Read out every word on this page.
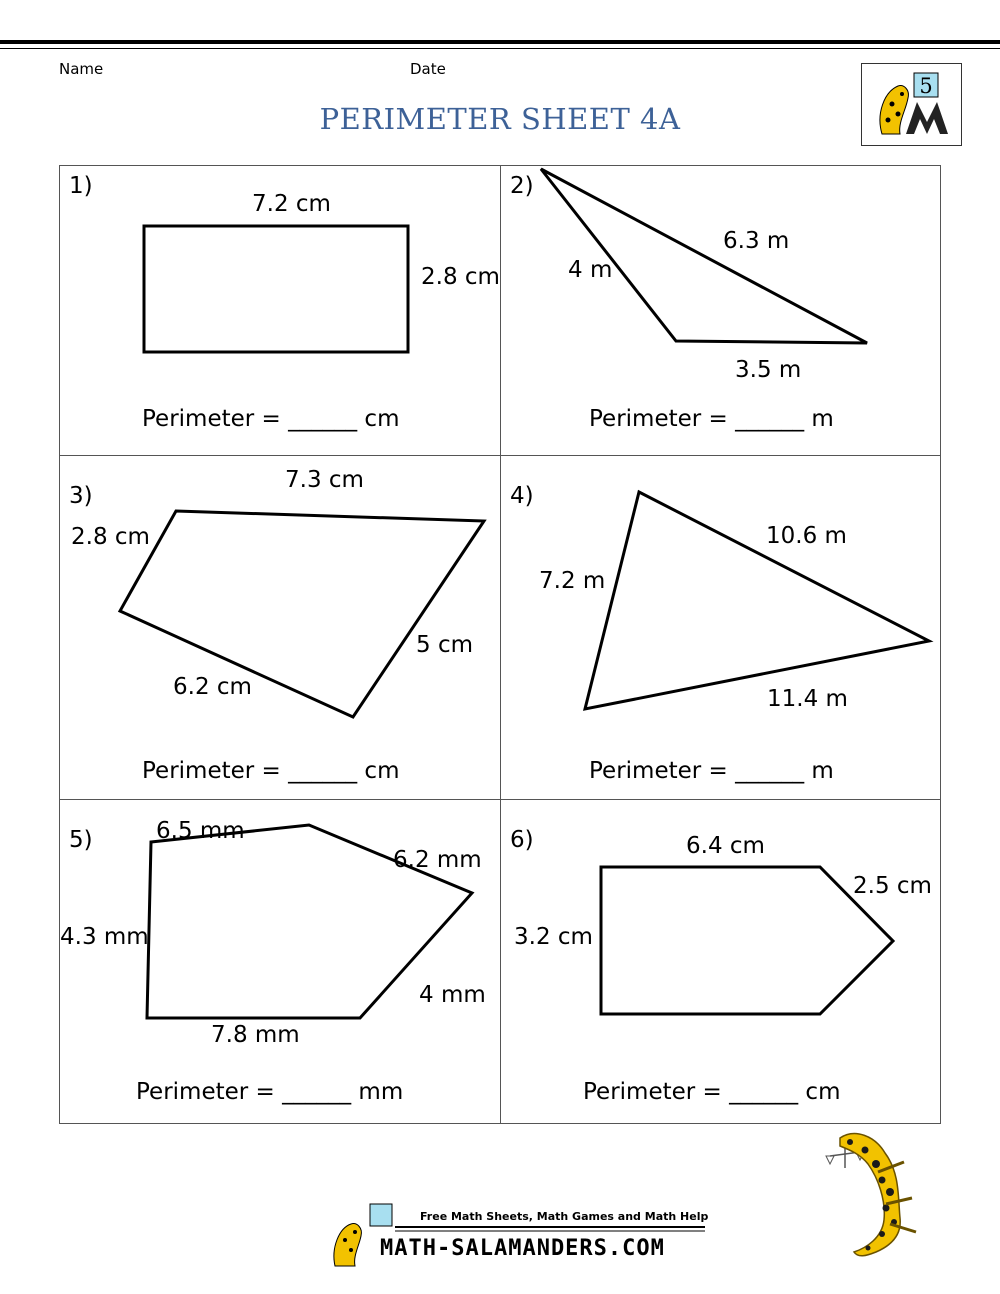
Name	Date
PERIMETER SHEET 4A
5
1)
7.2 cm
2.8 cm
Perimeter = ______ cm
2)
6.3 m
4 m
3.5 m
Perimeter = ______ m
3)
7.3 cm
2.8 cm
5 cm
6.2 cm
Perimeter = ______ cm
4)
10.6 m
7.2 m
11.4 m
Perimeter = ______ m
5)	6.5 mm
6.2 mm
4.3 mm
4 mm
7.8 mm
Perimeter = ______ mm
6)	6.4 cm
2.5 cm
3.2 cm
Perimeter = ______ cm
Free Math Sheets, Math Games and Math Help
MATH-SALAMANDERS.COM
